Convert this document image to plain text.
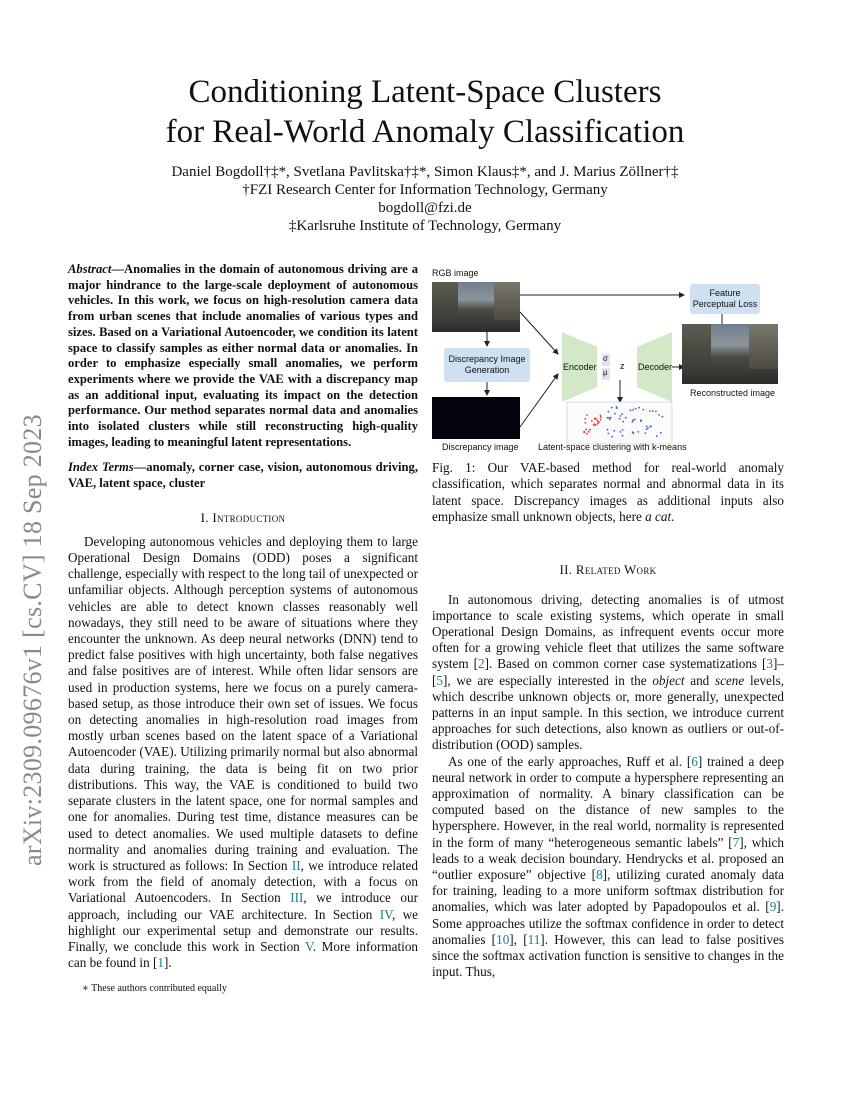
arXiv:2309.09676v1 [cs.CV] 18 Sep 2023
Conditioning Latent-Space Clusters
for Real-World Anomaly Classification
Daniel Bogdoll†‡*, Svetlana Pavlitska†‡*, Simon Klaus‡*, and J. Marius Zöllner†‡
†FZI Research Center for Information Technology, Germany
bogdoll@fzi.de
‡Karlsruhe Institute of Technology, Germany

Abstract—Anomalies in the domain of autonomous driving are a major hindrance to the large-scale deployment of autonomous vehicles. In this work, we focus on high-resolution camera data from urban scenes that include anomalies of various types and sizes. Based on a Variational Autoencoder, we condition its latent space to classify samples as either normal data or anomalies. In order to emphasize especially small anomalies, we perform experiments where we provide the VAE with a discrepancy map as an additional input, evaluating its impact on the detection performance. Our method separates normal data and anomalies into isolated clusters while still reconstructing high-quality images, leading to meaningful latent representations.

Index Terms—anomaly, corner case, vision, autonomous driving, VAE, latent space, cluster

I. Introduction

Developing autonomous vehicles and deploying them to large Operational Design Domains (ODD) poses a significant challenge, especially with respect to the long tail of unexpected or unfamiliar objects. Although perception systems of autonomous vehicles are able to detect known classes reasonably well nowadays, they still need to be aware of situations where they encounter the unknown. As deep neural networks (DNN) tend to predict false positives with high uncertainty, both false negatives and false positives are of interest. While often lidar sensors are used in production systems, here we focus on a purely camera-based setup, as those introduce their own set of issues. We focus on detecting anomalies in high-resolution road images from mostly urban scenes based on the latent space of a Variational Autoencoder (VAE). Utilizing primarily normal but also abnormal data during training, the data is being fit on two prior distributions. This way, the VAE is conditioned to build two separate clusters in the latent space, one for normal samples and one for anomalies. During test time, distance measures can be used to detect anomalies. We used multiple datasets to define normality and anomalies during training and evaluation. The work is structured as follows: In Section II, we introduce related work from the field of anomaly detection, with a focus on Variational Autoencoders. In Section III, we introduce our approach, including our VAE architecture. In Section IV, we highlight our experimental setup and demonstrate our results. Finally, we conclude this work in Section V. More information can be found in [1].

∗ These authors contributed equally
RGB image
Feature Perceptual Loss
Discrepancy Image Generation	Encoder	Decoder
σ
μ
z
Reconstructed image
Discrepancy image Latent-space clustering with k-means

Fig. 1: Our VAE-based method for real-world anomaly classification, which separates normal and abnormal data in its latent space. Discrepancy images as additional inputs also emphasize small unknown objects, here a cat.

II. Related Work

In autonomous driving, detecting anomalies is of utmost importance to scale existing systems, which operate in small Operational Design Domains, as infrequent events occur more often for a growing vehicle fleet that utilizes the same software system [2]. Based on common corner case systematizations [3]–[5], we are especially interested in the object and scene levels, which describe unknown objects or, more generally, unexpected patterns in an input sample. In this section, we introduce current approaches for such detections, also known as outliers or out-of-distribution (OOD) samples.

As one of the early approaches, Ruff et al. [6] trained a deep neural network in order to compute a hypersphere representing an approximation of normality. A binary classification can be computed based on the distance of new samples to the hypersphere. However, in the real world, normality is represented in the form of many “heterogeneous semantic labels” [7], which leads to a weak decision boundary. Hendrycks et al. proposed an “outlier exposure” objective [8], utilizing curated anomaly data for training, leading to a more uniform softmax distribution for anomalies, which was later adopted by Papadopoulos et al. [9]. Some approaches utilize the softmax confidence in order to detect anomalies [10], [11]. However, this can lead to false positives since the softmax activation function is sensitive to changes in the input. Thus,
